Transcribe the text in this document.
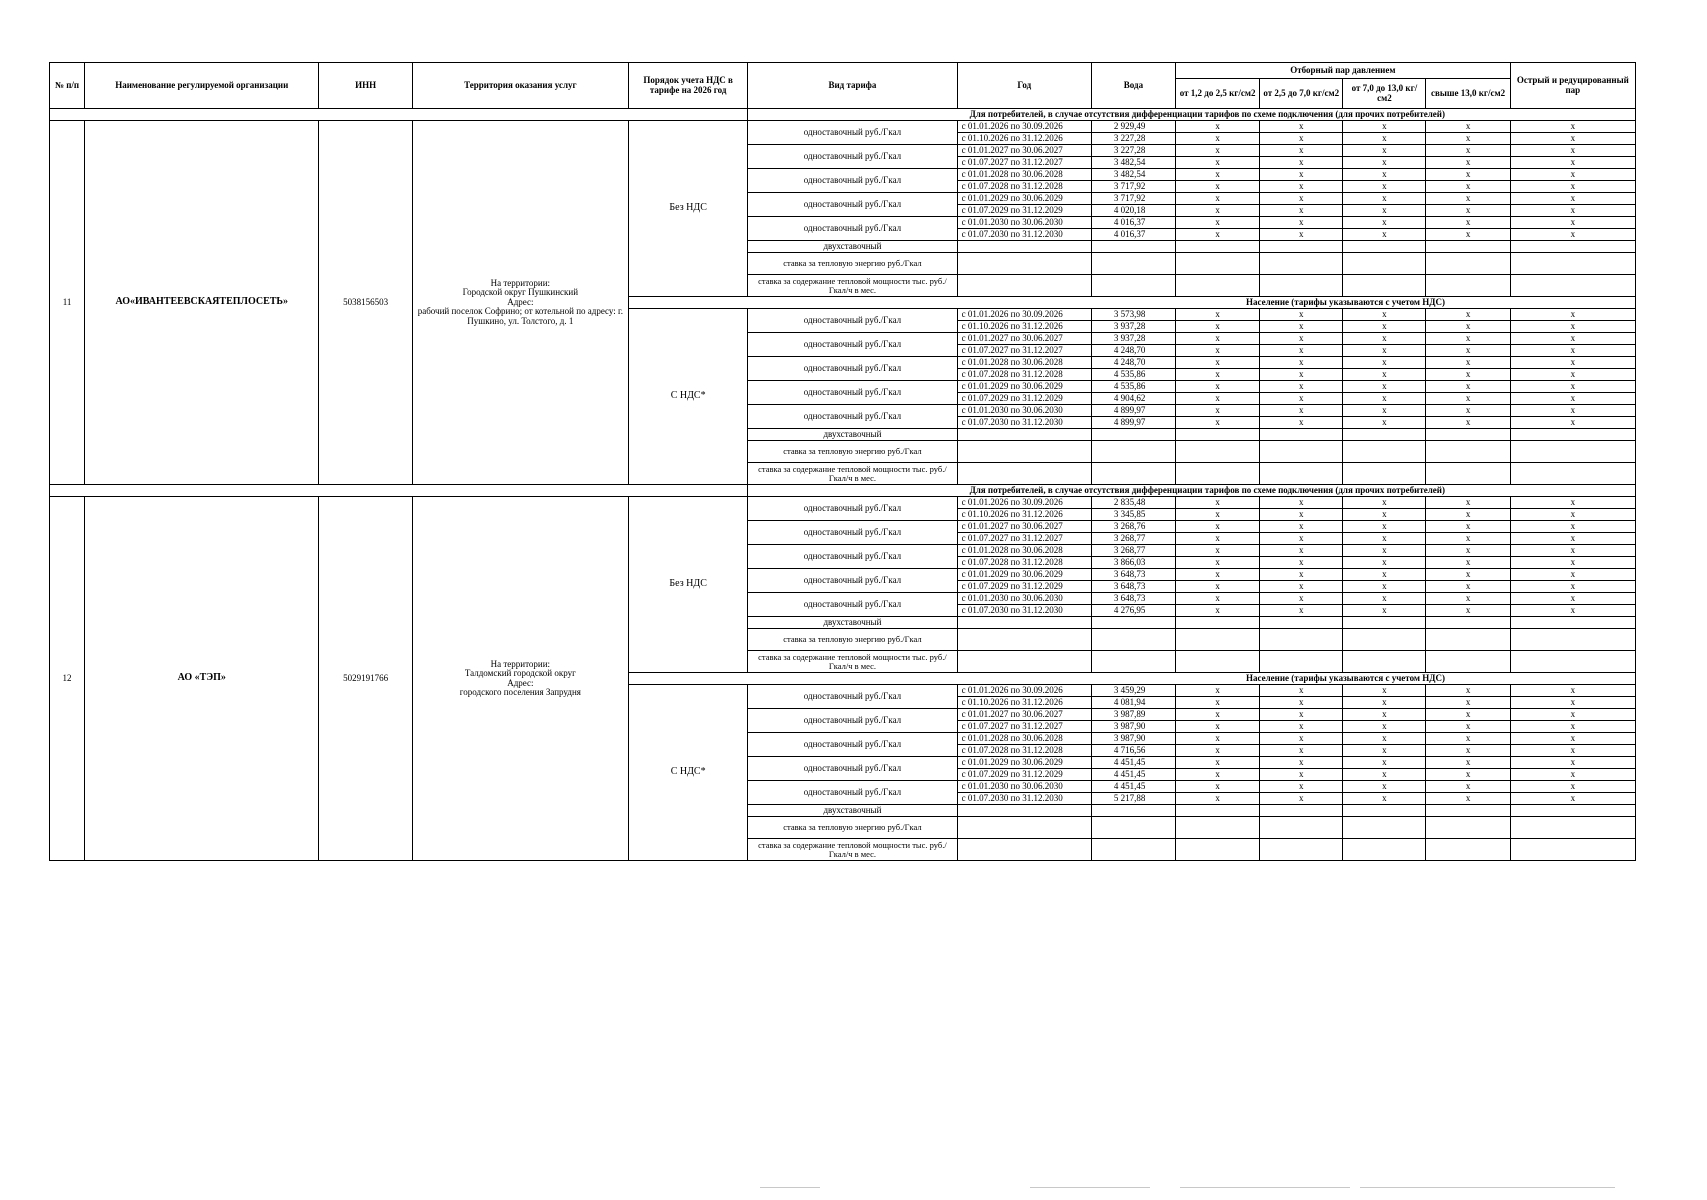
№ п/п	Наименование регулируемой организации	ИНН	Территория оказания услуг	Порядок учета НДС в тарифе на 2026 год	Вид тарифа	Год	Вода	Отборный пар давлением				Острый и редуцированный пар
								от 1,2 до 2,5 кг/см2	от 2,5 до 7,0 кг/см2	от 7,0 до 13,0 кг/см2	свыше 13,0 кг/см2	
					Для потребителей, в случае отсутствия дифференциации тарифов по схеме подключения (для прочих потребителей)							
11	АО«ИВАНТЕЕВСКАЯТЕПЛОСЕТЬ»	5038156503	На территории:
Городской округ Пушкинский
Адрес:
рабочий поселок Софрино; от котельной по адресу: г. Пушкино, ул. Толстого, д. 1	Без НДС	одноставочный руб./Гкал	с 01.01.2026 по 30.09.2026	2 929,49	x	x	x	x	x
						с 01.10.2026 по 31.12.2026	3 227,28	x	x	x	x	x
					одноставочный руб./Гкал	с 01.01.2027 по 30.06.2027	3 227,28	x	x	x	x	x
						с 01.07.2027 по 31.12.2027	3 482,54	x	x	x	x	x
					одноставочный руб./Гкал	с 01.01.2028 по 30.06.2028	3 482,54	x	x	x	x	x
						с 01.07.2028 по 31.12.2028	3 717,92	x	x	x	x	x
					одноставочный руб./Гкал	с 01.01.2029 по 30.06.2029	3 717,92	x	x	x	x	x
						с 01.07.2029 по 31.12.2029	4 020,18	x	x	x	x	x
					одноставочный руб./Гкал	с 01.01.2030 по 30.06.2030	4 016,37	x	x	x	x	x
						с 01.07.2030 по 31.12.2030	4 016,37	x	x	x	x	x
					двухставочный							
					ставка за тепловую энергию руб./Гкал							
					ставка за содержание тепловой мощности тыс. руб./Гкал/ч в мес.							
				Население (тарифы указываются с учетом НДС)								
				С НДС*	одноставочный руб./Гкал	с 01.01.2026 по 30.09.2026	3 573,98	x	x	x	x	x
						с 01.10.2026 по 31.12.2026	3 937,28	x	x	x	x	x
					одноставочный руб./Гкал	с 01.01.2027 по 30.06.2027	3 937,28	x	x	x	x	x
						с 01.07.2027 по 31.12.2027	4 248,70	x	x	x	x	x
					одноставочный руб./Гкал	с 01.01.2028 по 30.06.2028	4 248,70	x	x	x	x	x
						с 01.07.2028 по 31.12.2028	4 535,86	x	x	x	x	x
					одноставочный руб./Гкал	с 01.01.2029 по 30.06.2029	4 535,86	x	x	x	x	x
						с 01.07.2029 по 31.12.2029	4 904,62	x	x	x	x	x
					одноставочный руб./Гкал	с 01.01.2030 по 30.06.2030	4 899,97	x	x	x	x	x
						с 01.07.2030 по 31.12.2030	4 899,97	x	x	x	x	x
					двухставочный							
					ставка за тепловую энергию руб./Гкал							
					ставка за содержание тепловой мощности тыс. руб./Гкал/ч в мес.							
					Для потребителей, в случае отсутствия дифференциации тарифов по схеме подключения (для прочих потребителей)							
12	АО «ТЭП»	5029191766	На территории:
Талдомский городской округ
Адрес:
городского поселения Запрудня	Без НДС	одноставочный руб./Гкал	с 01.01.2026 по 30.09.2026	2 835,48	x	x	x	x	x
						с 01.10.2026 по 31.12.2026	3 345,85	x	x	x	x	x
					одноставочный руб./Гкал	с 01.01.2027 по 30.06.2027	3 268,76	x	x	x	x	x
						с 01.07.2027 по 31.12.2027	3 268,77	x	x	x	x	x
					одноставочный руб./Гкал	с 01.01.2028 по 30.06.2028	3 268,77	x	x	x	x	x
						с 01.07.2028 по 31.12.2028	3 866,03	x	x	x	x	x
					одноставочный руб./Гкал	с 01.01.2029 по 30.06.2029	3 648,73	x	x	x	x	x
						с 01.07.2029 по 31.12.2029	3 648,73	x	x	x	x	x
					одноставочный руб./Гкал	с 01.01.2030 по 30.06.2030	3 648,73	x	x	x	x	x
						с 01.07.2030 по 31.12.2030	4 276,95	x	x	x	x	x
					двухставочный							
					ставка за тепловую энергию руб./Гкал							
					ставка за содержание тепловой мощности тыс. руб./Гкал/ч в мес.							
				Население (тарифы указываются с учетом НДС)								
				С НДС*	одноставочный руб./Гкал	с 01.01.2026 по 30.09.2026	3 459,29	x	x	x	x	x
						с 01.10.2026 по 31.12.2026	4 081,94	x	x	x	x	x
					одноставочный руб./Гкал	с 01.01.2027 по 30.06.2027	3 987,89	x	x	x	x	x
						с 01.07.2027 по 31.12.2027	3 987,90	x	x	x	x	x
					одноставочный руб./Гкал	с 01.01.2028 по 30.06.2028	3 987,90	x	x	x	x	x
						с 01.07.2028 по 31.12.2028	4 716,56	x	x	x	x	x
					одноставочный руб./Гкал	с 01.01.2029 по 30.06.2029	4 451,45	x	x	x	x	x
						с 01.07.2029 по 31.12.2029	4 451,45	x	x	x	x	x
					одноставочный руб./Гкал	с 01.01.2030 по 30.06.2030	4 451,45	x	x	x	x	x
						с 01.07.2030 по 31.12.2030	5 217,88	x	x	x	x	x
					двухставочный							
					ставка за тепловую энергию руб./Гкал							
					ставка за содержание тепловой мощности тыс. руб./Гкал/ч в мес.							
